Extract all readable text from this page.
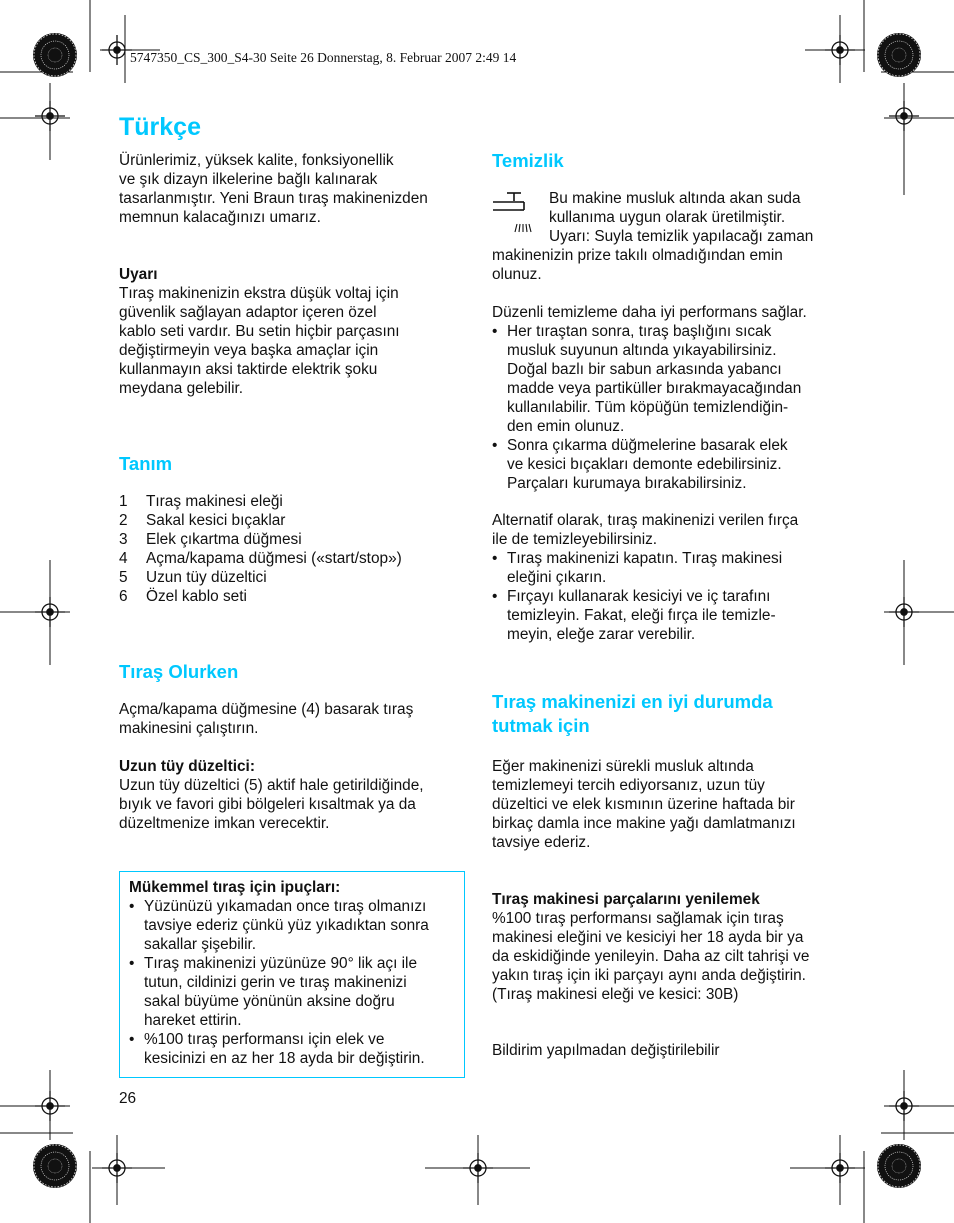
5747350_CS_300_S4-30 Seite 26 Donnerstag, 8. Februar 2007 2:49 14
Türkçe

Ürünlerimiz, yüksek kalite, fonksiyonellik

ve şık dizayn ilkelerine bağlı kalınarak

tasarlanmıştır. Yeni Braun tıraş makinenizden

memnun kalacağınızı umarız.

Uyarı

Tıraş makinenizin ekstra düşük voltaj için

güvenlik sağlayan adaptor içeren özel

kablo seti vardır. Bu setin hiçbir parçasını

değiştirmeyin veya başka amaçlar için

kullanmayın aksi taktirde elektrik şoku

meydana gelebilir.

Tanım
1	Tıraş makinesi eleği
2	Sakal kesici bıçaklar
3	Elek çıkartma düğmesi
4	Açma/kapama düğmesi («start/stop»)
5	Uzun tüy düzeltici
6	Özel kablo seti
Tıraş Olurken

Açma/kapama düğmesine (4) basarak tıraş

makinesini çalıştırın.

Uzun tüy düzeltici:

Uzun tüy düzeltici (5) aktif hale getirildiğinde,

bıyık ve favori gibi bölgeleri kısaltmak ya da

düzeltmenize imkan verecektir.

Mükemmel tıraş için ipuçları:

• Yüzünüzü yıkamadan once tıraş olmanızı
tavsiye ederiz çünkü yüz yıkadıktan sonra
sakallar şişebilir.
• Tıraş makinenizi yüzünüze 90° lik açı ile
tutun, cildinizi gerin ve tıraş makinenizi
sakal büyüme yönünün aksine doğru
hareket ettirin.
• %100 tıraş performansı için elek ve
kesicinizi en az her 18 ayda bir değiştirin.
26
Temizlik

Bu makine musluk altında akan suda

kullanıma uygun olarak üretilmiştir.

Uyarı: Suyla temizlik yapılacağı zaman

makinenizin prize takılı olmadığından emin

olunuz.

Düzenli temizleme daha iyi performans sağlar.

• Her tıraştan sonra, tıraş başlığını sıcak
musluk suyunun altında yıkayabilirsiniz.
Doğal bazlı bir sabun arkasında yabancı
madde veya partiküller bırakmayacağından
kullanılabilir. Tüm köpüğün temizlendiğin-
den emin olunuz.
• Sonra çıkarma düğmelerine basarak elek
ve kesici bıçakları demonte edebilirsiniz.
Parçaları kurumaya bırakabilirsiniz.

Alternatif olarak, tıraş makinenizi verilen fırça

ile de temizleyebilirsiniz.

• Tıraş makinenizi kapatın. Tıraş makinesi
eleğini çıkarın.
• Fırçayı kullanarak kesiciyi ve iç tarafını
temizleyin. Fakat, eleği fırça ile temizle-
meyin, eleğe zarar verebilir.
Tıraş makinenizi en iyi durumda
tutmak için

Eğer makinenizi sürekli musluk altında

temizlemeyi tercih ediyorsanız, uzun tüy

düzeltici ve elek kısmının üzerine haftada bir

birkaç damla ince makine yağı damlatmanızı

tavsiye ederiz.

Tıraş makinesi parçalarını yenilemek

%100 tıraş performansı sağlamak için tıraş

makinesi eleğini ve kesiciyi her 18 ayda bir ya

da eskidiğinde yenileyin. Daha az cilt tahrişi ve

yakın tıraş için iki parçayı aynı anda değiştirin.

(Tıraş makinesi eleği ve kesici: 30B)

Bildirim yapılmadan değiştirilebilir
